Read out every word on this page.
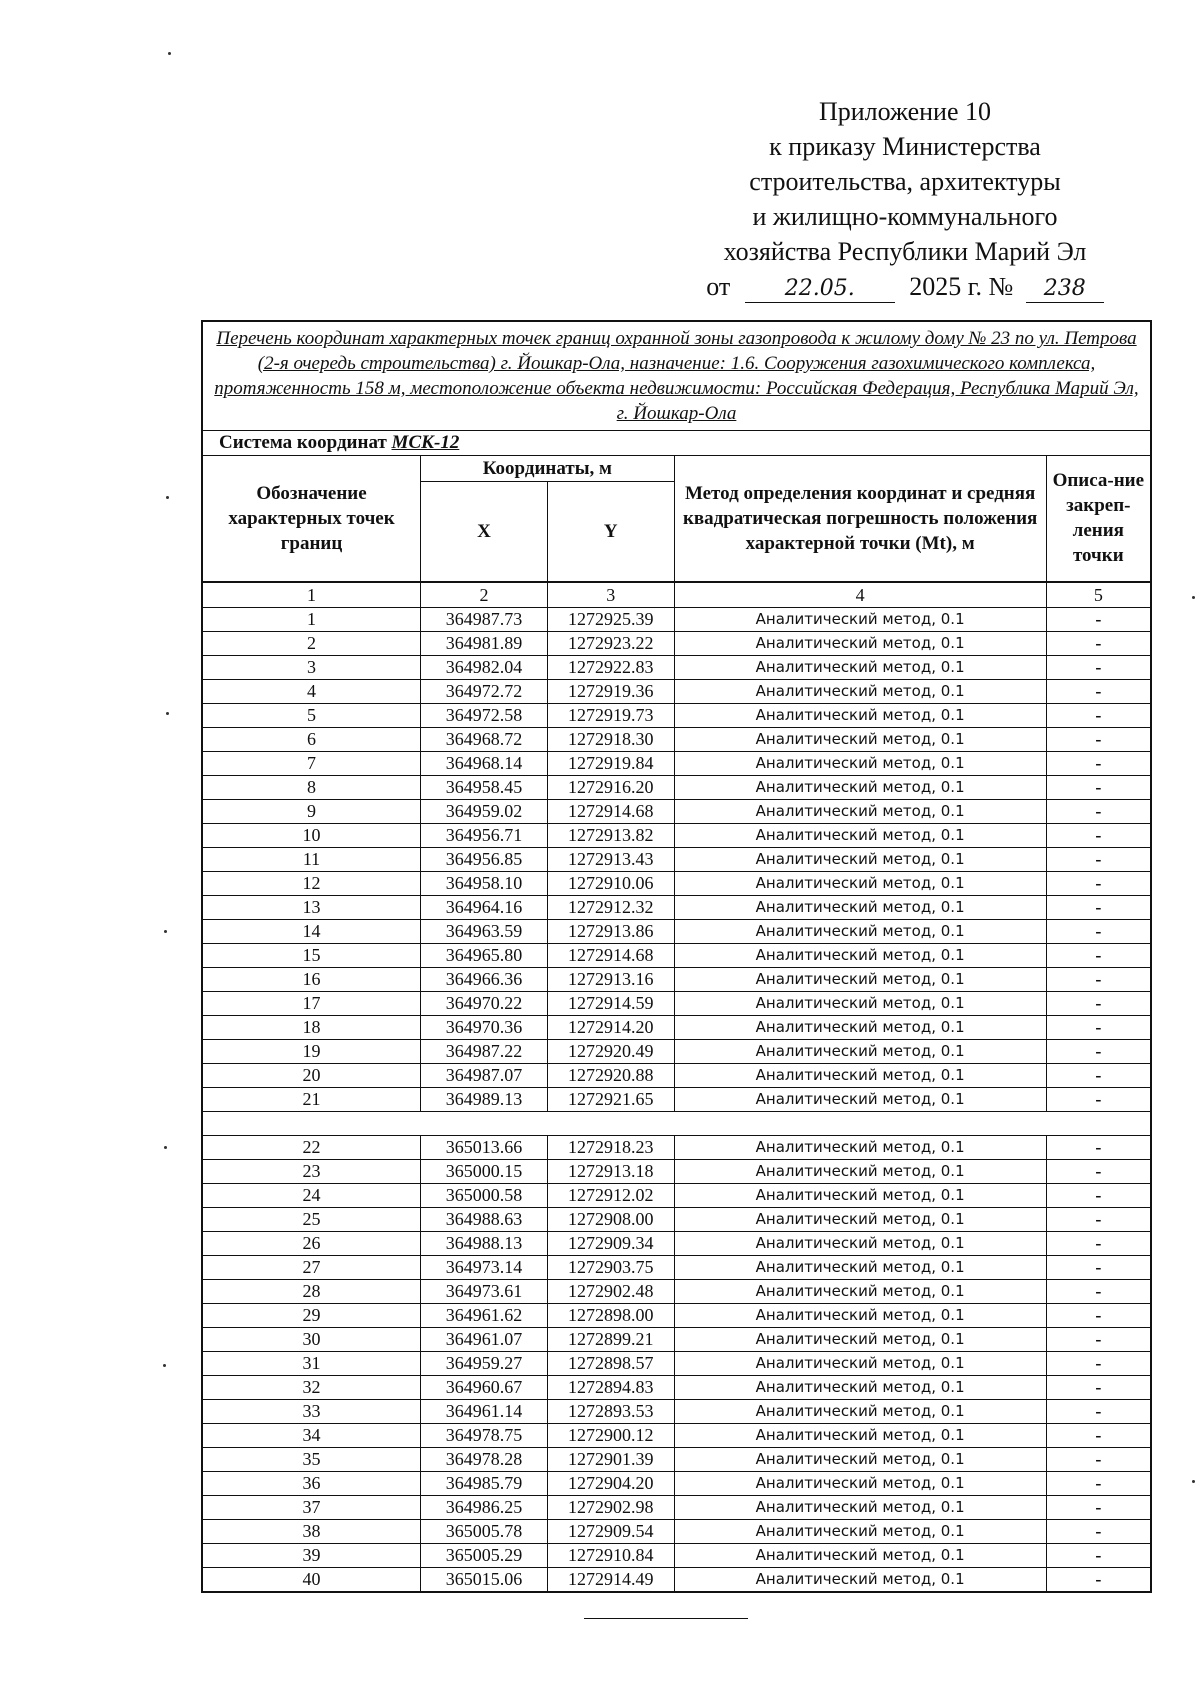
Приложение 10
к приказу Министерства
строительства, архитектуры
и жилищно-коммунального
хозяйства Республики Марий Эл
от 22.05. 2025 г. № 238
Перечень координат характерных точек границ охранной зоны газопровода к жилому дому № 23 по ул. Петрова (2-я очередь строительства) г. Йошкар-Ола, назначение: 1.6. Сооружения газохимического комплекса, протяженность 158 м, местоположение объекта недвижимости: Российская Федерация, Республика Марий Эл, г. Йошкар-Ола				
Система координат МСК-12				
Обозначение характерных точек границ	Координаты, м		Метод определения координат и средняя квадратическая погрешность положения характерной точки (Mt), м	Описа-ние закреп-ления точки
	X	Y		
1	2	3	4	5
1	364987.73	1272925.39	Аналитический метод, 0.1	-
2	364981.89	1272923.22	Аналитический метод, 0.1	-
3	364982.04	1272922.83	Аналитический метод, 0.1	-
4	364972.72	1272919.36	Аналитический метод, 0.1	-
5	364972.58	1272919.73	Аналитический метод, 0.1	-
6	364968.72	1272918.30	Аналитический метод, 0.1	-
7	364968.14	1272919.84	Аналитический метод, 0.1	-
8	364958.45	1272916.20	Аналитический метод, 0.1	-
9	364959.02	1272914.68	Аналитический метод, 0.1	-
10	364956.71	1272913.82	Аналитический метод, 0.1	-
11	364956.85	1272913.43	Аналитический метод, 0.1	-
12	364958.10	1272910.06	Аналитический метод, 0.1	-
13	364964.16	1272912.32	Аналитический метод, 0.1	-
14	364963.59	1272913.86	Аналитический метод, 0.1	-
15	364965.80	1272914.68	Аналитический метод, 0.1	-
16	364966.36	1272913.16	Аналитический метод, 0.1	-
17	364970.22	1272914.59	Аналитический метод, 0.1	-
18	364970.36	1272914.20	Аналитический метод, 0.1	-
19	364987.22	1272920.49	Аналитический метод, 0.1	-
20	364987.07	1272920.88	Аналитический метод, 0.1	-
21	364989.13	1272921.65	Аналитический метод, 0.1	-

22	365013.66	1272918.23	Аналитический метод, 0.1	-
23	365000.15	1272913.18	Аналитический метод, 0.1	-
24	365000.58	1272912.02	Аналитический метод, 0.1	-
25	364988.63	1272908.00	Аналитический метод, 0.1	-
26	364988.13	1272909.34	Аналитический метод, 0.1	-
27	364973.14	1272903.75	Аналитический метод, 0.1	-
28	364973.61	1272902.48	Аналитический метод, 0.1	-
29	364961.62	1272898.00	Аналитический метод, 0.1	-
30	364961.07	1272899.21	Аналитический метод, 0.1	-
31	364959.27	1272898.57	Аналитический метод, 0.1	-
32	364960.67	1272894.83	Аналитический метод, 0.1	-
33	364961.14	1272893.53	Аналитический метод, 0.1	-
34	364978.75	1272900.12	Аналитический метод, 0.1	-
35	364978.28	1272901.39	Аналитический метод, 0.1	-
36	364985.79	1272904.20	Аналитический метод, 0.1	-
37	364986.25	1272902.98	Аналитический метод, 0.1	-
38	365005.78	1272909.54	Аналитический метод, 0.1	-
39	365005.29	1272910.84	Аналитический метод, 0.1	-
40	365015.06	1272914.49	Аналитический метод, 0.1	-
